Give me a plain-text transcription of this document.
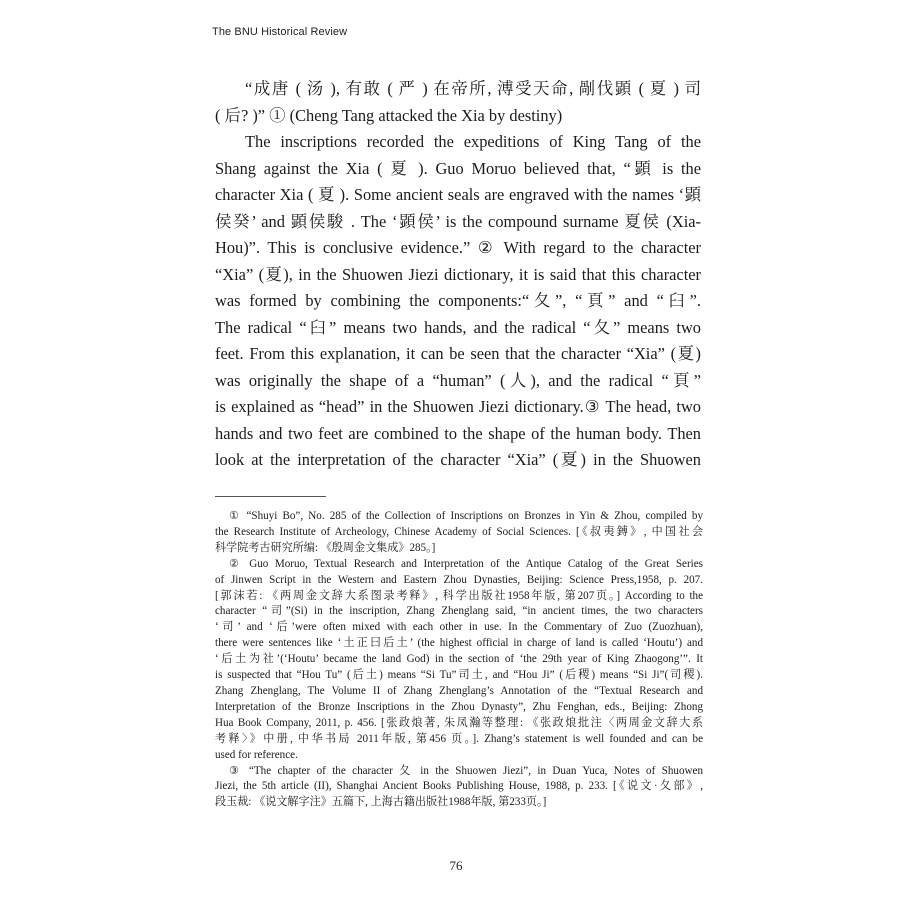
The BNU Historical Review
“成唐 ( 汤 ), 有敢 ( 严 ) 在帝所, 溥受天命, 剮伐顕 ( 夏 ) 司
( 后? )” ① (Cheng Tang attacked the Xia by destiny)
The inscriptions recorded the expeditions of King Tang of the
Shang against the Xia ( 夏 ). Guo Moruo believed that, “顕 is the
character Xia ( 夏 ). Some ancient seals are engraved with the names ‘顕
侯癸’ and 顕侯駿 . The ‘顕侯’ is the compound surname 夏侯 (Xia-
Hou)”. This is conclusive evidence.” ② With regard to the character
“Xia” (夏), in the Shuowen Jiezi dictionary, it is said that this character
was formed by combining the components:“夂”, “頁” and “臼”.
The radical “臼” means two hands, and the radical “夂” means two
feet. From this explanation, it can be seen that the character “Xia” (夏)
was originally the shape of a “human” (人), and the radical “頁”
is explained as “head” in the Shuowen Jiezi dictionary.③ The head, two
hands and two feet are combined to the shape of the human body. Then
look at the interpretation of the character “Xia” (夏) in the Shuowen
① “Shuyi Bo”, No. 285 of the Collection of Inscriptions on Bronzes in Yin & Zhou, compiled by
the Research Institute of Archeology, Chinese Academy of Social Sciences. [《叔夷鎛》, 中国社会
科学院考古研究所编: 《殷周金文集成》285。]
② Guo Moruo, Textual Research and Interpretation of the Antique Catalog of the Great Series
of Jinwen Script in the Western and Eastern Zhou Dynasties, Beijing: Science Press,1958, p. 207.
[郭沫若: 《两周金文辞大系图录考释》, 科学出版社1958年版, 第207页。] According to the
character “司”(Si) in the inscription, Zhang Zhenglang said, “in ancient times, the two characters
‘司’ and ‘后’were often mixed with each other in use. In the Commentary of Zuo (Zuozhuan),
there were sentences like ‘土正曰后土’ (the highest official in charge of land is called ‘Houtu’) and
‘后土为社’(‘Houtu’ became the land God) in the section of ‘the 29th year of King Zhaogong’”. It
is suspected that “Hou Tu” (后土) means “Si Tu”司土, and “Hou Ji” (后稷) means “Si Ji”(司稷).
Zhang Zhenglang, The Volume II of Zhang Zhenglang’s Annotation of the “Textual Research and
Interpretation of the Bronze Inscriptions in the Zhou Dynasty”, Zhu Fenghan, eds., Beijing: Zhong
Hua Book Company, 2011, p. 456. [张政烺著, 朱凤瀚等整理: 《张政烺批注〈两周金文辞大系
考释〉》中册, 中华书局 2011年版, 第456 页。]. Zhang’s statement is well founded and can be
used for reference.
③ “The chapter of the character 夂 in the Shuowen Jiezi”, in Duan Yuca, Notes of Shuowen
Jiezi, the 5th article (II), Shanghai Ancient Books Publishing House, 1988, p. 233. [《说文·夂部》,
段玉裁: 《说文解字注》五篇下, 上海古籍出版社1988年版, 第233页。]
76
